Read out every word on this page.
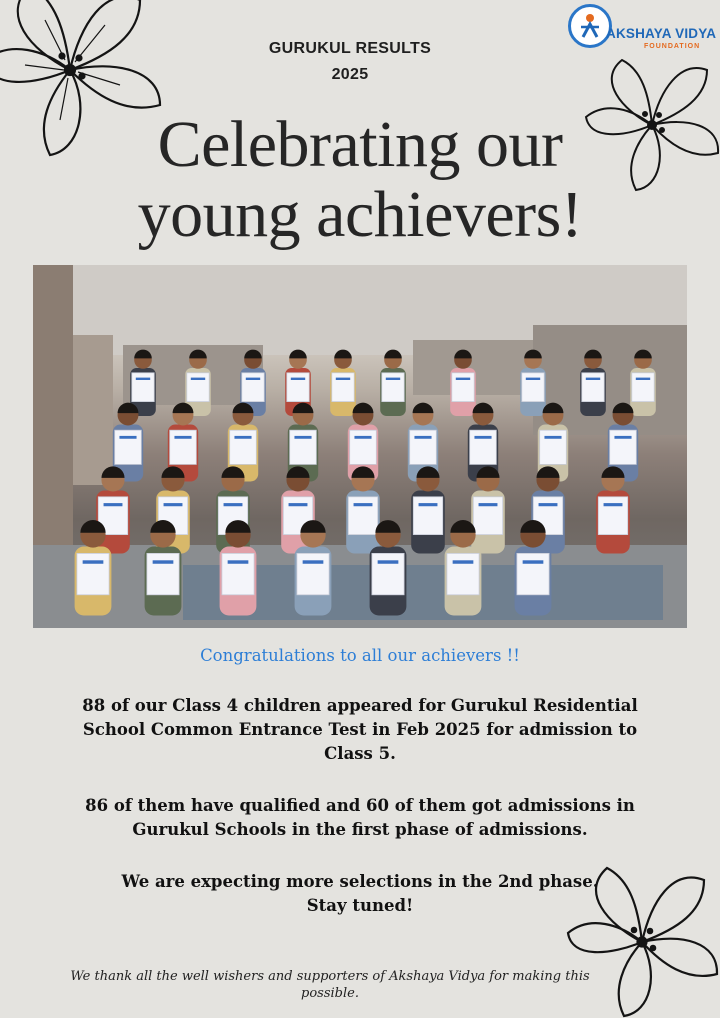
AKSHAYA VIDYA
FOUNDATION
GURUKUL RESULTS
2025
Celebrating our
young achievers!
Congratulations to all our achievers !!
88 of our Class 4 children appeared for Gurukul Residential School Common Entrance Test in Feb 2025 for admission to Class 5.
86 of them have qualified and 60 of them got admissions in Gurukul Schools in the first phase of admissions.
We are expecting more selections in the 2nd phase.
Stay tuned!
We thank all the well wishers and supporters of Akshaya Vidya for making this possible.
